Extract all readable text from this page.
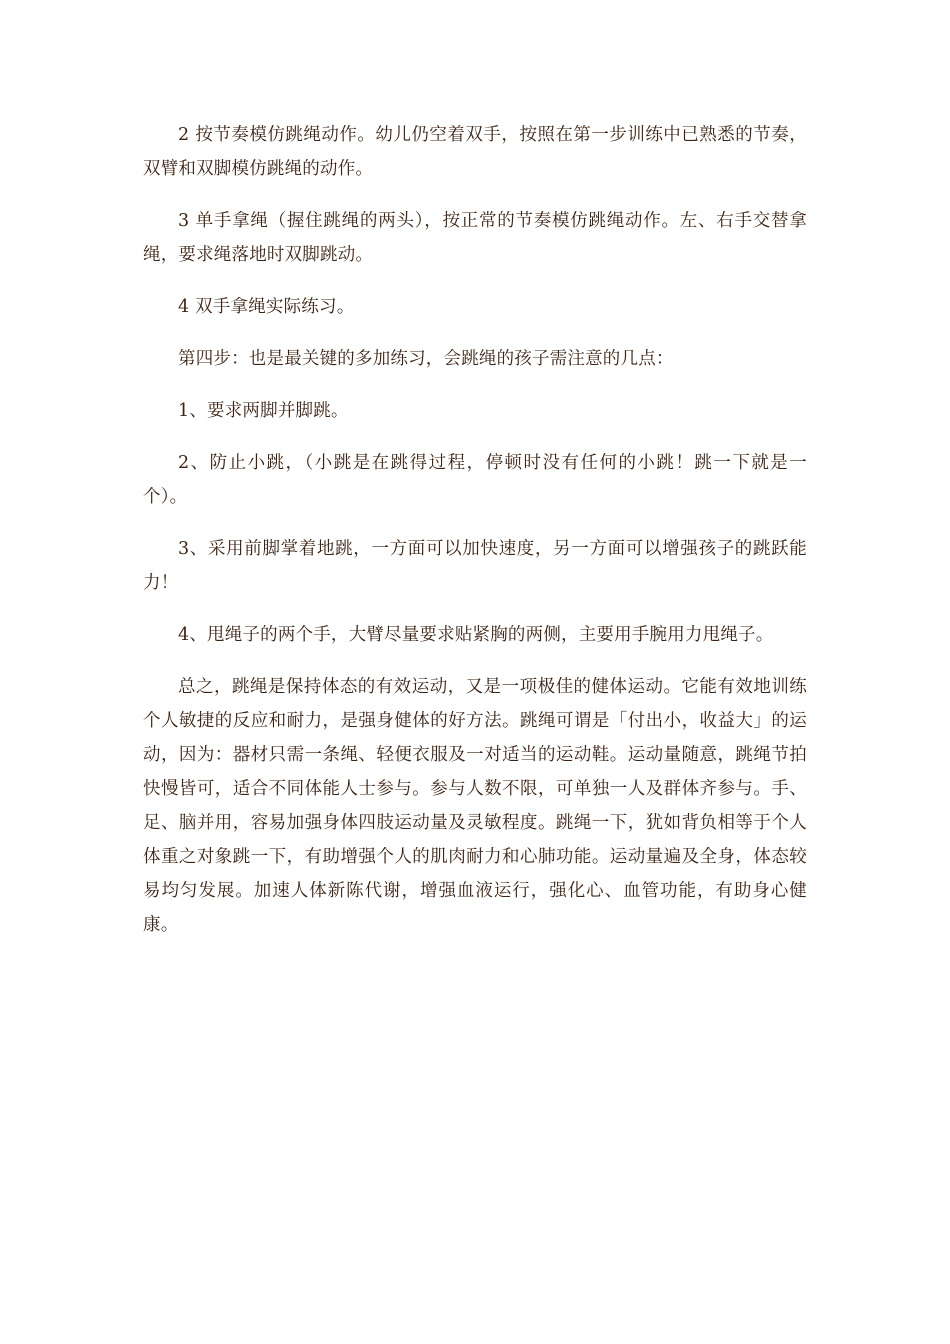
2 按节奏模仿跳绳动作。幼儿仍空着双手，按照在第一步训练中已熟悉的节奏，双臂和双脚模仿跳绳的动作。

3 单手拿绳（握住跳绳的两头），按正常的节奏模仿跳绳动作。左、右手交替拿绳，要求绳落地时双脚跳动。

4 双手拿绳实际练习。

第四步：也是最关键的多加练习，会跳绳的孩子需注意的几点：

1、要求两脚并脚跳。

2、防止小跳，（小跳是在跳得过程，停顿时没有任何的小跳！跳一下就是一个）。

3、采用前脚掌着地跳，一方面可以加快速度，另一方面可以增强孩子的跳跃能力！

4、甩绳子的两个手，大臂尽量要求贴紧胸的两侧，主要用手腕用力甩绳子。

总之，跳绳是保持体态的有效运动，又是一项极佳的健体运动。它能有效地训练个人敏捷的反应和耐力，是强身健体的好方法。跳绳可谓是「付出小，收益大」的运动，因为：器材只需一条绳、轻便衣服及一对适当的运动鞋。运动量随意，跳绳节拍快慢皆可，适合不同体能人士参与。参与人数不限，可单独一人及群体齐参与。手、足、脑并用，容易加强身体四肢运动量及灵敏程度。跳绳一下，犹如背负相等于个人体重之对象跳一下，有助增强个人的肌肉耐力和心肺功能。运动量遍及全身，体态较易均匀发展。加速人体新陈代谢，增强血液运行，强化心、血管功能，有助身心健康。
